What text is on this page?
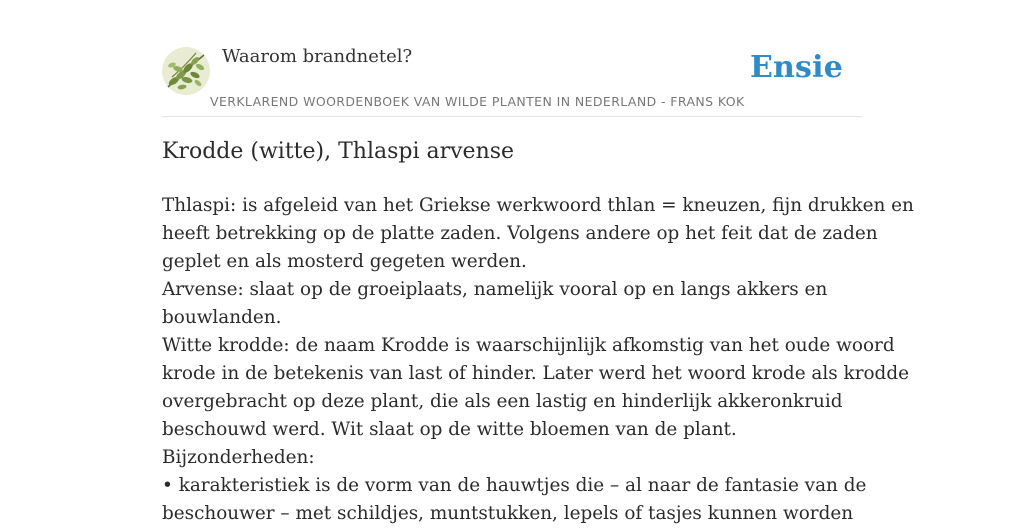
Waarom brandnetel?	Ensie
VERKLAREND WOORDENBOEK VAN WILDE PLANTEN IN NEDERLAND - FRANS KOK
Krodde (witte), Thlaspi arvense

Thlaspi: is afgeleid van het Griekse werkwoord thlan = kneuzen, fijn drukken en

heeft betrekking op de platte zaden. Volgens andere op het feit dat de zaden

geplet en als mosterd gegeten werden.

Arvense: slaat op de groeiplaats, namelijk vooral op en langs akkers en

bouwlanden.

Witte krodde: de naam Krodde is waarschijnlijk afkomstig van het oude woord

krode in de betekenis van last of hinder. Later werd het woord krode als krodde

overgebracht op deze plant, die als een lastig en hinderlijk akkeronkruid

beschouwd werd. Wit slaat op de witte bloemen van de plant.

Bijzonderheden:

• karakteristiek is de vorm van de hauwtjes die – al naar de fantasie van de

beschouwer – met schildjes, muntstukken, lepels of tasjes kunnen worden
